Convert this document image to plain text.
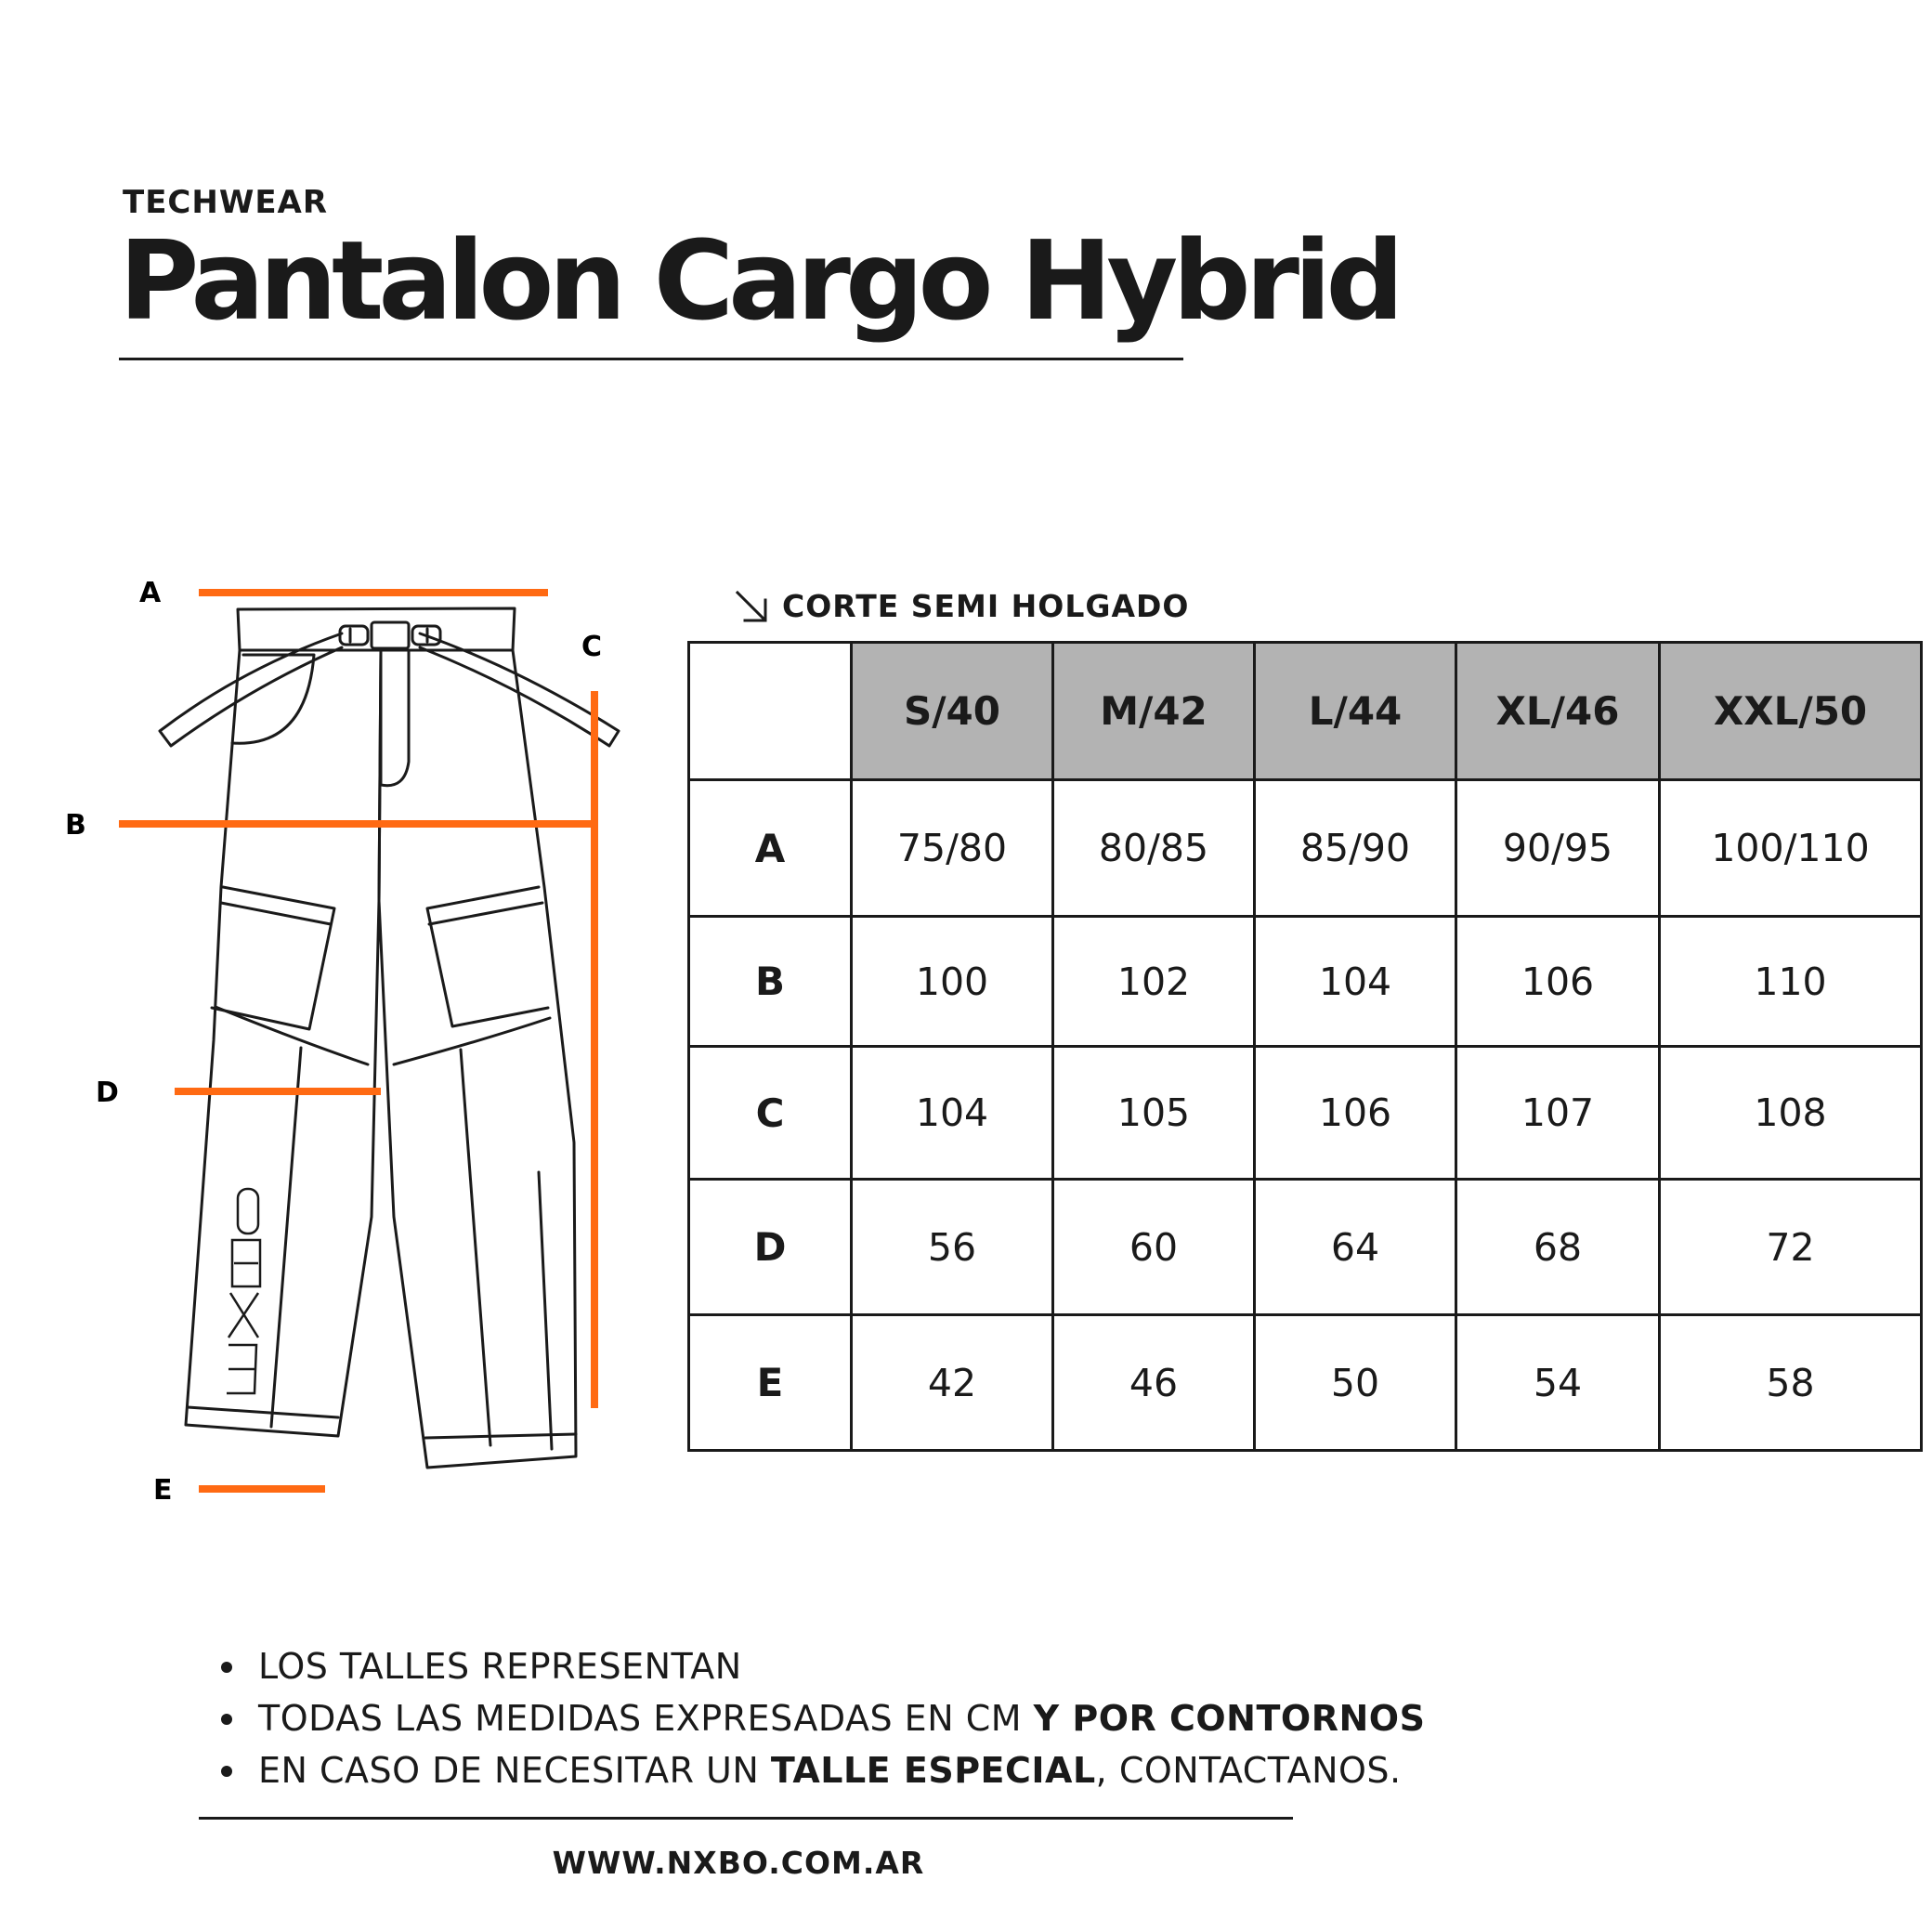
TECHWEAR
Pantalon Cargo Hybrid
A
B
C
D
E
CORTE SEMI HOLGADO
	S/40	M/42	L/44	XL/46	XXL/50
A	75/80	80/85	85/90	90/95	100/110
B	100	102	104	106	110
C	104	105	106	107	108
D	56	60	64	68	72
E	42	46	50	54	58
LOS TALLES REPRESENTAN
TODAS LAS MEDIDAS EXPRESADAS EN CM Y POR CONTORNOS
EN CASO DE NECESITAR UN TALLE ESPECIAL, CONTACTANOS.
WWW.NXBO.COM.AR
